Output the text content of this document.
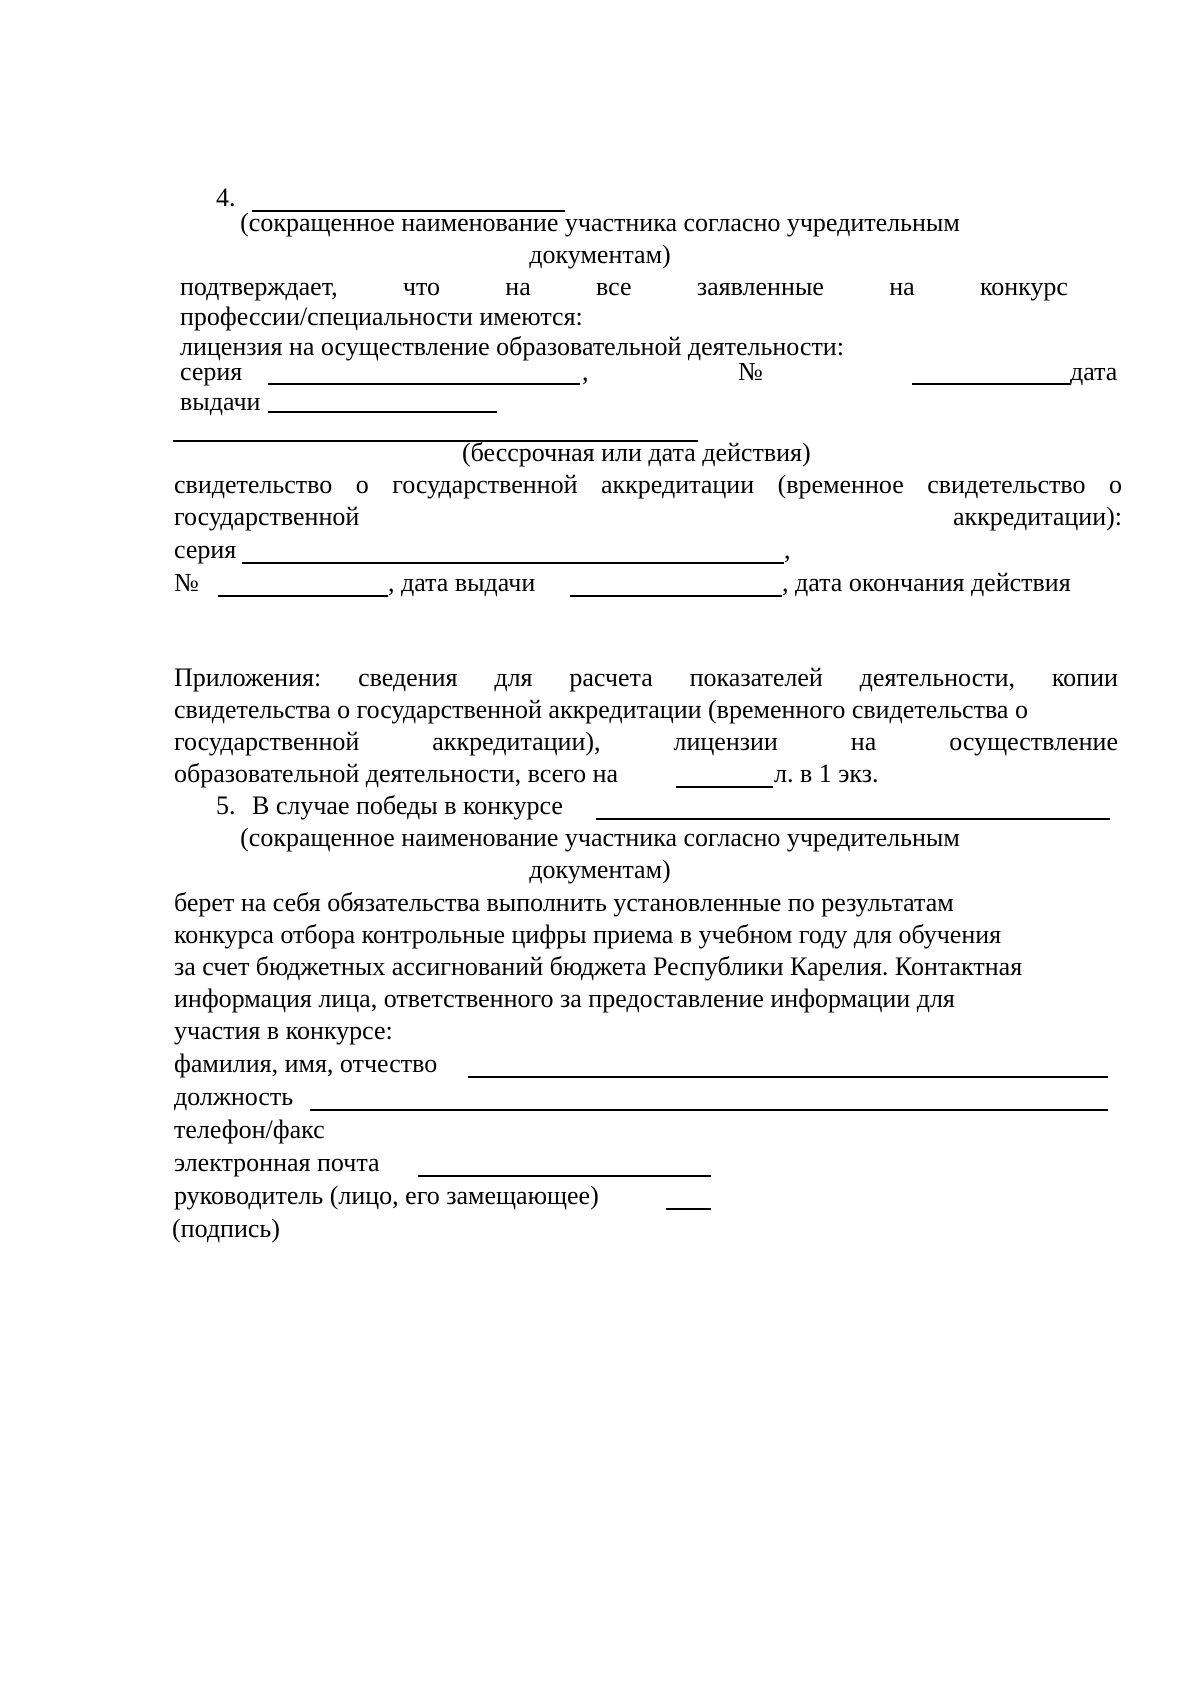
4.
(сокращенное наименование участника согласно учредительным
документам)
подтверждает,	что	на	все	заявленные	на	конкурс
профессии/специальности имеются:
лицензия на осуществление образовательной деятельности:
серия	,	№	дата
выдачи
(бессрочная или дата действия)
свидетельство о государственной аккредитации (временное свидетельство о
государственной	аккредитации):
серия	,
№	, дата выдачи	, дата окончания действия
Приложения: сведения для расчета показателей деятельности, копии
свидетельства о государственной аккредитации (временного свидетельства о
государственной	аккредитации),	лицензии	на	осуществление
образовательной деятельности, всего на	л. в 1 экз.
5. В случае победы в конкурсе
(сокращенное наименование участника согласно учредительным
документам)
берет на себя обязательства выполнить установленные по результатам
конкурса отбора контрольные цифры приема в учебном году для обучения
за счет бюджетных ассигнований бюджета Республики Карелия. Контактная
информация лица, ответственного за предоставление информации для
участия в конкурсе:
фамилия, имя, отчество
должность
телефон/факс
электронная почта
руководитель (лицо, его замещающее)
(подпись)
